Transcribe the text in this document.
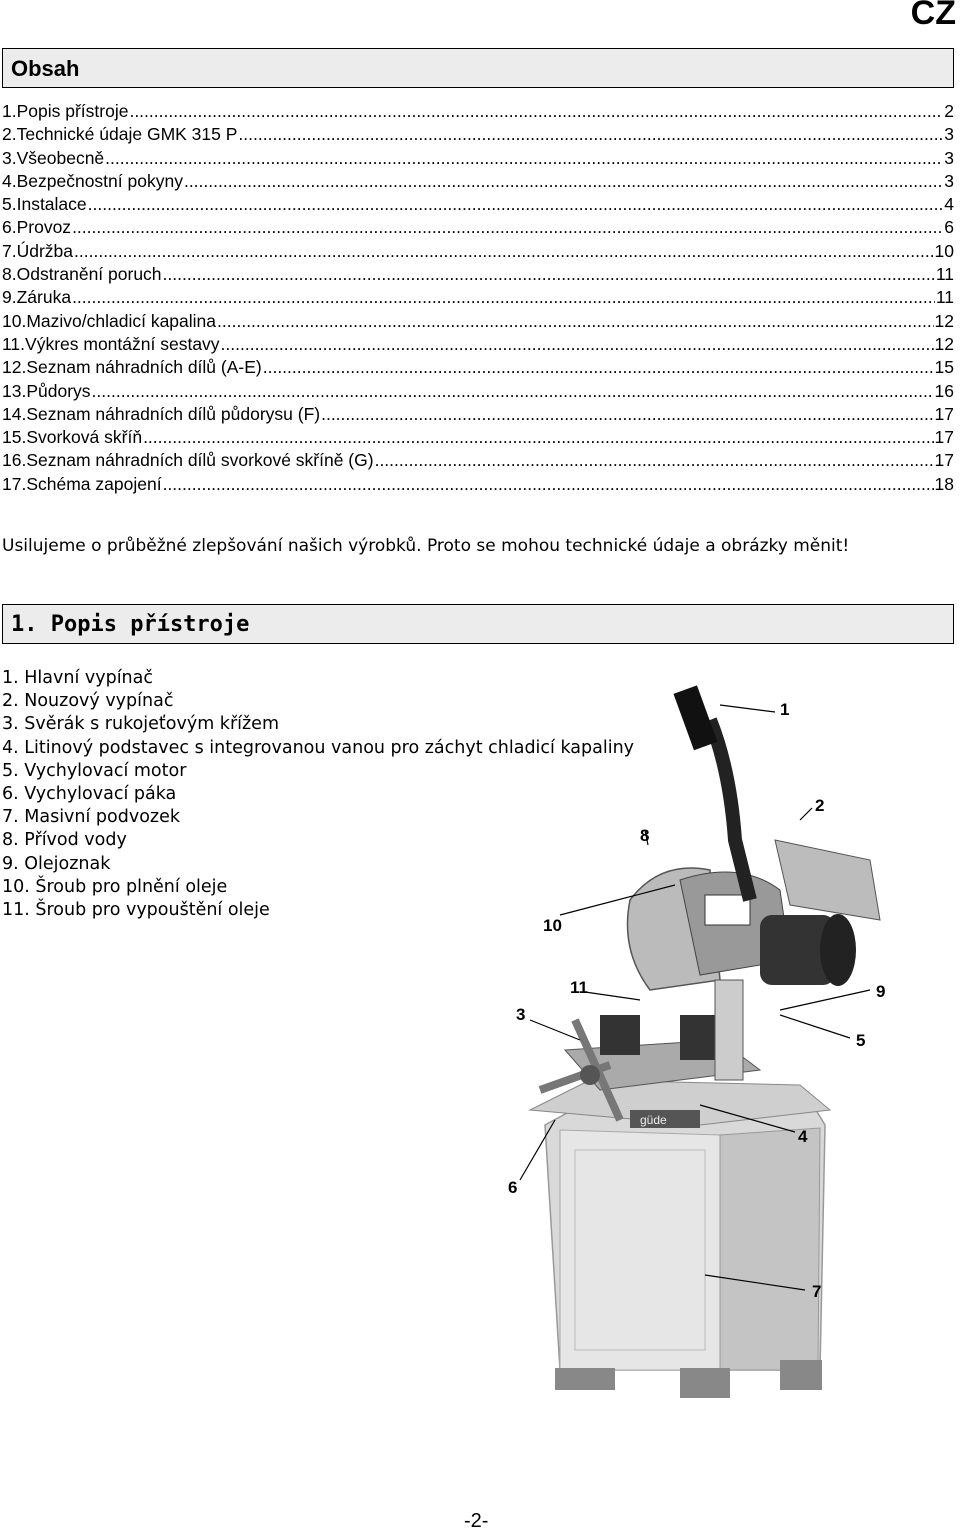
CZ
Obsah
1.Popis přístroje .....	2
2.Technické údaje GMK 315 P .....	3
3.Všeobecně .....	3
4.Bezpečnostní pokyny .....	3
5.Instalace .....	4
6.Provoz .....	6
7.Údržba .....	10
8.Odstranění poruch .....	11
9.Záruka .....	11
10.Mazivo/chladicí kapalina .....	12
11.Výkres montážní sestavy .....	12
12.Seznam náhradních dílů (A-E) .....	15
13.Půdorys .....	16
14.Seznam náhradních dílů půdorysu (F) .....	17
15.Svorková skříň .....	17
16.Seznam náhradních dílů svorkové skříně (G) .....	17
17.Schéma zapojení .....	18
Usilujeme o průběžné zlepšování našich výrobků. Proto se mohou technické údaje a obrázky měnit!
1. Popis přístroje
1. Hlavní vypínač
2. Nouzový vypínač
3. Svěrák s rukojeťovým křížem
4. Litinový podstavec s integrovanou vanou pro záchyt chladicí kapaliny
5. Vychylovací motor
6. Vychylovací páka
7. Masivní podvozek
8. Přívod vody
9. Olejoznak
10. Šroub pro plnění oleje
11. Šroub pro vypouštění oleje
güde
1
2
8
10
11	9
3
5
4
6
7
-2-
